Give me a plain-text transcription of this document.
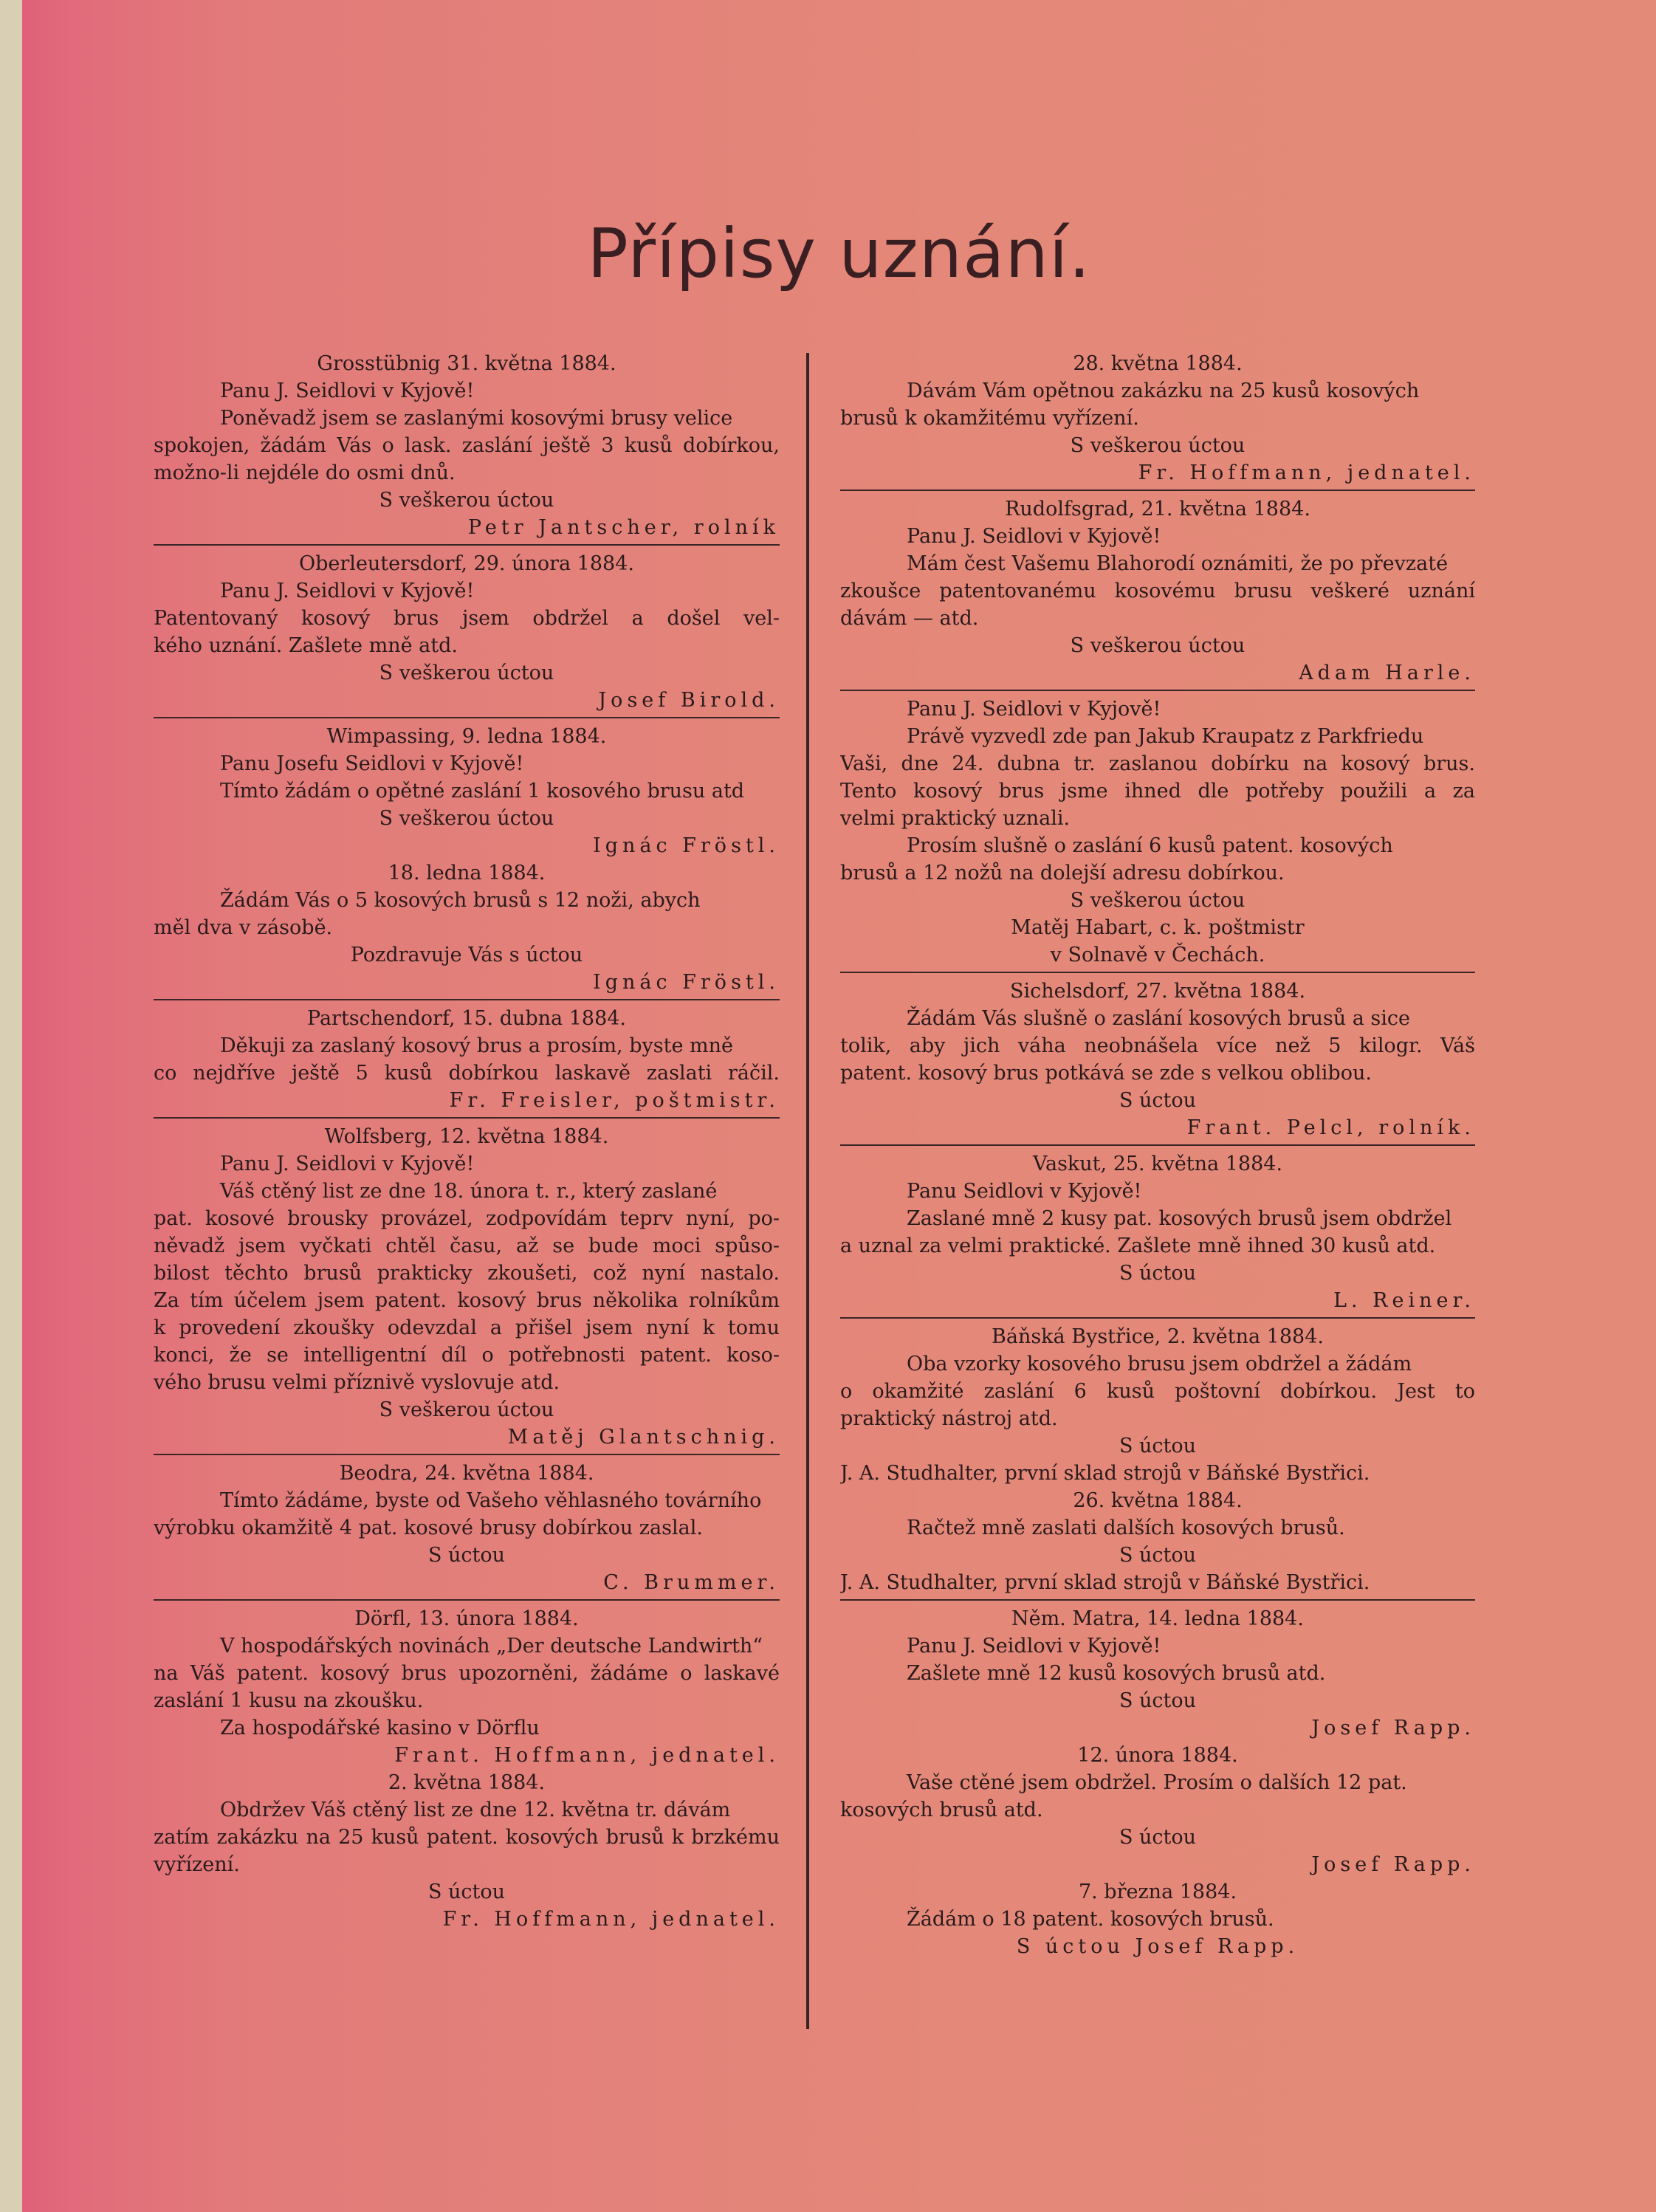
Přípisy uznání.
Grosstübnig 31. května 1884.
Panu J. Seidlovi v Kyjově!
Poněvadž jsem se zaslanými kosovými brusy velice
spokojen, žádám Vás o lask. zaslání ještě 3 kusů dobírkou,
možno-li nejdéle do osmi dnů.
S veškerou úctou
Petr Jantscher, rolník
Oberleutersdorf, 29. února 1884.
Panu J. Seidlovi v Kyjově!
Patentovaný kosový brus jsem obdržel a došel vel-
kého uznání. Zašlete mně atd.
S veškerou úctou
Josef Birold.
Wimpassing, 9. ledna 1884.
Panu Josefu Seidlovi v Kyjově!
Tímto žádám o opětné zaslání 1 kosového brusu atd
S veškerou úctou
Ignác Fröstl.
18. ledna 1884.
Žádám Vás o 5 kosových brusů s 12 noži, abych
měl dva v zásobě.
Pozdravuje Vás s úctou
Ignác Fröstl.
Partschendorf, 15. dubna 1884.
Děkuji za zaslaný kosový brus a prosím, byste mně
co nejdříve ještě 5 kusů dobírkou laskavě zaslati ráčil.
Fr. Freisler, poštmistr.
Wolfsberg, 12. května 1884.
Panu J. Seidlovi v Kyjově!
Váš ctěný list ze dne 18. února t. r., který zaslané
pat. kosové brousky provázel, zodpovídám teprv nyní, po-
něvadž jsem vyčkati chtěl času, až se bude moci spůso-
bilost těchto brusů prakticky zkoušeti, což nyní nastalo.
Za tím účelem jsem patent. kosový brus několika rolníkům
k provedení zkoušky odevzdal a přišel jsem nyní k tomu
konci, že se intelligentní díl o potřebnosti patent. koso-
vého brusu velmi příznivě vyslovuje atd.
S veškerou úctou
Matěj Glantschnig.
Beodra, 24. května 1884.
Tímto žádáme, byste od Vašeho věhlasného továrního
výrobku okamžitě 4 pat. kosové brusy dobírkou zaslal.
S úctou
C. Brummer.
Dörfl, 13. února 1884.
V hospodářských novinách „Der deutsche Landwirth“
na Váš patent. kosový brus upozorněni, žádáme o laskavé
zaslání 1 kusu na zkoušku.
Za hospodářské kasino v Dörflu
Frant. Hoffmann, jednatel.
2. května 1884.
Obdržev Váš ctěný list ze dne 12. května tr. dávám
zatím zakázku na 25 kusů patent. kosových brusů k brzkému
vyřízení.
S úctou
Fr. Hoffmann, jednatel.
28. května 1884.
Dávám Vám opětnou zakázku na 25 kusů kosových
brusů k okamžitému vyřízení.
S veškerou úctou
Fr. Hoffmann, jednatel.
Rudolfsgrad, 21. května 1884.
Panu J. Seidlovi v Kyjově!
Mám čest Vašemu Blahorodí oznámiti, že po převzaté
zkoušce patentovanému kosovému brusu veškeré uznání
dávám — atd.
S veškerou úctou
Adam Harle.
Panu J. Seidlovi v Kyjově!
Právě vyzvedl zde pan Jakub Kraupatz z Parkfriedu
Vaši, dne 24. dubna tr. zaslanou dobírku na kosový brus.
Tento kosový brus jsme ihned dle potřeby použili a za
velmi praktický uznali.
Prosím slušně o zaslání 6 kusů patent. kosových
brusů a 12 nožů na dolejší adresu dobírkou.
S veškerou úctou
Matěj Habart, c. k. poštmistr
v Solnavě v Čechách.
Sichelsdorf, 27. května 1884.
Žádám Vás slušně o zaslání kosových brusů a sice
tolik, aby jich váha neobnášela více než 5 kilogr. Váš
patent. kosový brus potkává se zde s velkou oblibou.
S úctou
Frant. Pelcl, rolník.
Vaskut, 25. května 1884.
Panu Seidlovi v Kyjově!
Zaslané mně 2 kusy pat. kosových brusů jsem obdržel
a uznal za velmi praktické. Zašlete mně ihned 30 kusů atd.
S úctou
L. Reiner.
Báňská Bystřice, 2. května 1884.
Oba vzorky kosového brusu jsem obdržel a žádám
o okamžité zaslání 6 kusů poštovní dobírkou. Jest to
praktický nástroj atd.
S úctou
J. A. Studhalter, první sklad strojů v Báňské Bystřici.
26. května 1884.
Račtež mně zaslati dalších kosových brusů.
S úctou
J. A. Studhalter, první sklad strojů v Báňské Bystřici.
Něm. Matra, 14. ledna 1884.
Panu J. Seidlovi v Kyjově!
Zašlete mně 12 kusů kosových brusů atd.
S úctou
Josef Rapp.
12. února 1884.
Vaše ctěné jsem obdržel. Prosím o dalších 12 pat.
kosových brusů atd.
S úctou
Josef Rapp.
7. března 1884.
Žádám o 18 patent. kosových brusů.
S úctou Josef Rapp.
